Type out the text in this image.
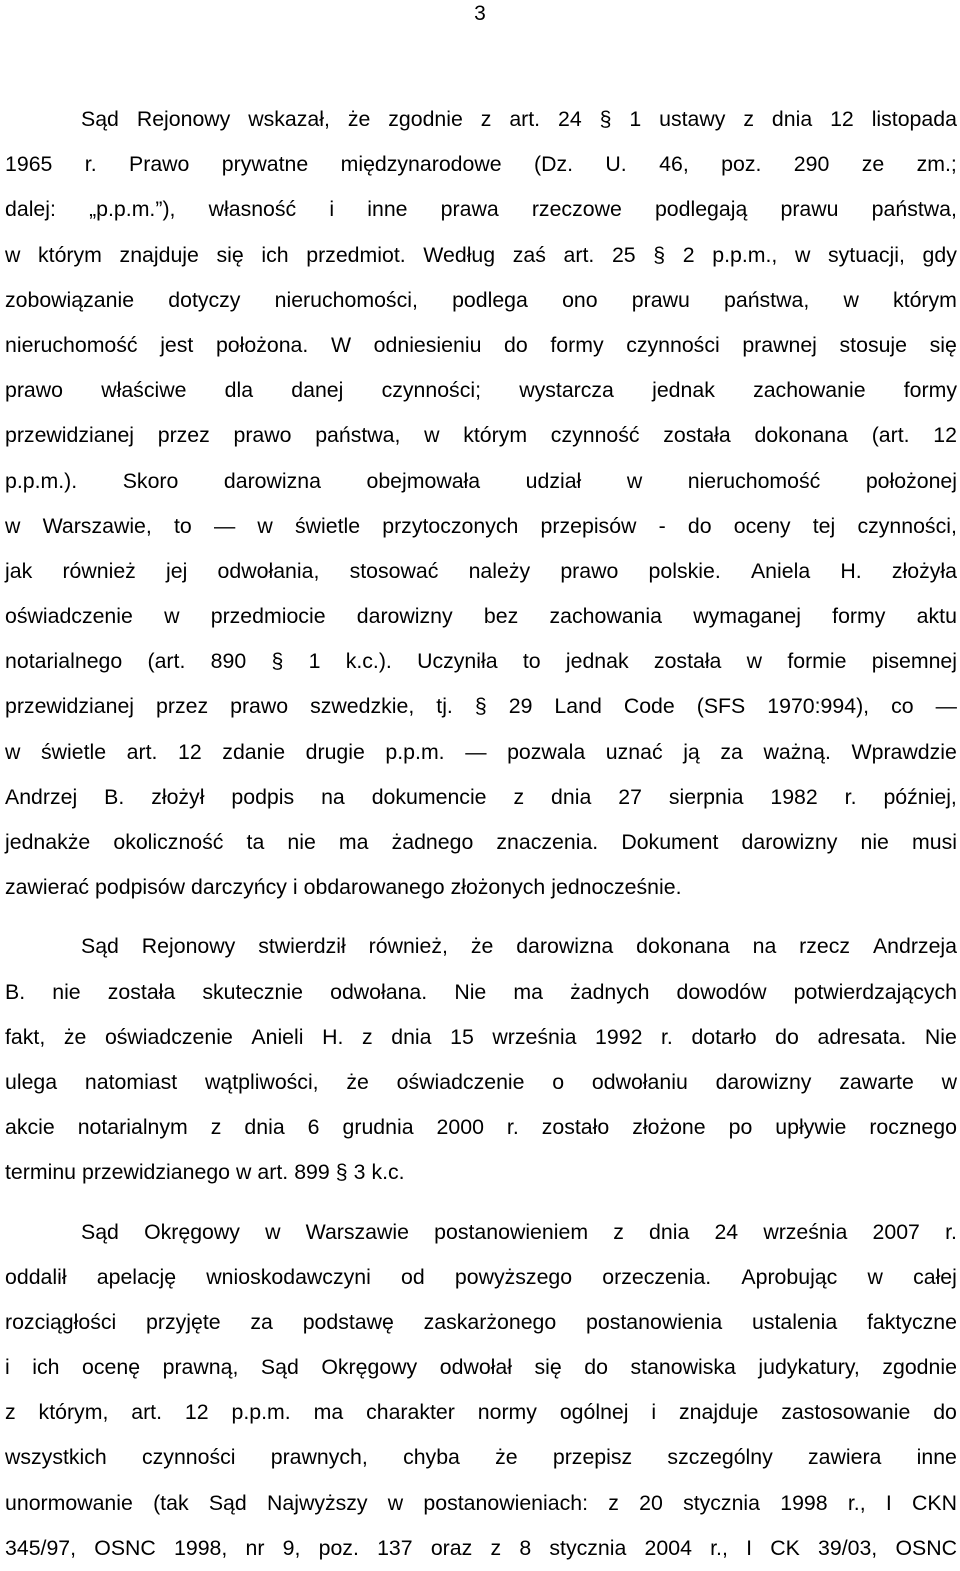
3
Sąd Rejonowy wskazał, że zgodnie z art. 24 § 1 ustawy z dnia 12 listopada
1965 r. Prawo prywatne międzynarodowe (Dz. U. 46, poz. 290 ze zm.;
dalej: „p.p.m.”), własność i inne prawa rzeczowe podlegają prawu państwa,
w którym znajduje się ich przedmiot. Według zaś art. 25 § 2 p.p.m., w sytuacji, gdy
zobowiązanie dotyczy nieruchomości, podlega ono prawu państwa, w którym
nieruchomość jest położona. W odniesieniu do formy czynności prawnej stosuje się
prawo właściwe dla danej czynności; wystarcza jednak zachowanie formy
przewidzianej przez prawo państwa, w którym czynność została dokonana (art. 12
p.p.m.). Skoro darowizna obejmowała udział w nieruchomość położonej
w Warszawie, to — w świetle przytoczonych przepisów - do oceny tej czynności,
jak również jej odwołania, stosować należy prawo polskie. Aniela H. złożyła
oświadczenie w przedmiocie darowizny bez zachowania wymaganej formy aktu
notarialnego (art. 890 § 1 k.c.). Uczyniła to jednak została w formie pisemnej
przewidzianej przez prawo szwedzkie, tj. § 29 Land Code (SFS 1970:994), co —
w świetle art. 12 zdanie drugie p.p.m. — pozwala uznać ją za ważną. Wprawdzie
Andrzej B. złożył podpis na dokumencie z dnia 27 sierpnia 1982 r. później,
jednakże okoliczność ta nie ma żadnego znaczenia. Dokument darowizny nie musi
zawierać podpisów darczyńcy i obdarowanego złożonych jednocześnie.
Sąd Rejonowy stwierdził również, że darowizna dokonana na rzecz Andrzeja
B. nie została skutecznie odwołana. Nie ma żadnych dowodów potwierdzających
fakt, że oświadczenie Anieli H. z dnia 15 września 1992 r. dotarło do adresata. Nie
ulega natomiast wątpliwości, że oświadczenie o odwołaniu darowizny zawarte w
akcie notarialnym z dnia 6 grudnia 2000 r. zostało złożone po upływie rocznego
terminu przewidzianego w art. 899 § 3 k.c.
Sąd Okręgowy w Warszawie postanowieniem z dnia 24 września 2007 r.
oddalił apelację wnioskodawczyni od powyższego orzeczenia. Aprobując w całej
rozciągłości przyjęte za podstawę zaskarżonego postanowienia ustalenia faktyczne
i ich ocenę prawną, Sąd Okręgowy odwołał się do stanowiska judykatury, zgodnie
z którym, art. 12 p.p.m. ma charakter normy ogólnej i znajduje zastosowanie do
wszystkich czynności prawnych, chyba że przepisz szczególny zawiera inne
unormowanie (tak Sąd Najwyższy w postanowieniach: z 20 stycznia 1998 r., I CKN
345/97, OSNC 1998, nr 9, poz. 137 oraz z 8 stycznia 2004 r., I CK 39/03, OSNC
